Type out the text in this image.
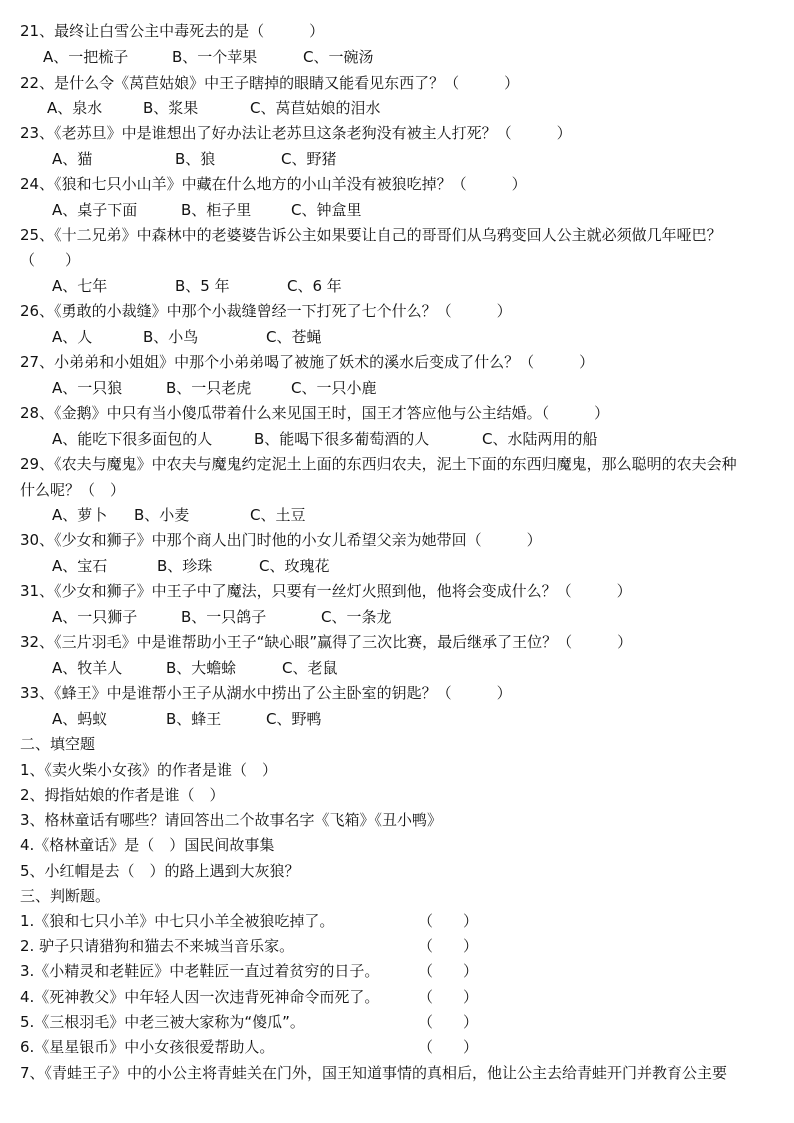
21、最终让白雪公主中毒死去的是（　　　）
A、一把梳子	B、一个苹果	C、一碗汤
22、是什么令《莴苣姑娘》中王子瞎掉的眼睛又能看见东西了？（　　　）
A、泉水	B、浆果	C、莴苣姑娘的泪水
23、《老苏旦》中是谁想出了好办法让老苏旦这条老狗没有被主人打死？（　　　）
A、猫	B、狼	C、野猪
24、《狼和七只小山羊》中藏在什么地方的小山羊没有被狼吃掉？（　　　）
A、桌子下面	B、柜子里	C、钟盒里
25、《十二兄弟》中森林中的老婆婆告诉公主如果要让自己的哥哥们从乌鸦变回人公主就必须做几年哑巴？
（　　）
A、七年	B、5 年	C、6 年
26、《勇敢的小裁缝》中那个小裁缝曾经一下打死了七个什么？（　　　）
A、人	B、小鸟	C、苍蝇
27、小弟弟和小姐姐》中那个小弟弟喝了被施了妖术的溪水后变成了什么？（　　　）
A、一只狼	B、一只老虎	C、一只小鹿
28、《金鹅》中只有当小傻瓜带着什么来见国王时，国王才答应他与公主结婚。（　　　）
A、能吃下很多面包的人	B、能喝下很多葡萄酒的人	C、水陆两用的船
29、《农夫与魔鬼》中农夫与魔鬼约定泥土上面的东西归农夫，泥土下面的东西归魔鬼，那么聪明的农夫会种
什么呢？（　）
A、萝卜 B、小麦	C、土豆
30、《少女和狮子》中那个商人出门时他的小女儿希望父亲为她带回（　　　）
A、宝石	B、珍珠	C、玫瑰花
31、《少女和狮子》中王子中了魔法，只要有一丝灯火照到他，他将会变成什么？（　　　）
A、一只狮子	B、一只鸽子	C、一条龙
32、《三片羽毛》中是谁帮助小王子“缺心眼”赢得了三次比赛，最后继承了王位？（　　　）
A、牧羊人	B、大蟾蜍	C、老鼠
33、《蜂王》中是谁帮小王子从湖水中捞出了公主卧室的钥匙？（　　　）
A、蚂蚁	B、蜂王	C、野鸭
二、填空题
1、《卖火柴小女孩》的作者是谁（　）
2、拇指姑娘的作者是谁（　）
3、格林童话有哪些？请回答出二个故事名字《飞箱》《丑小鸭》
4.《格林童话》是（　）国民间故事集
5、小红帽是去（　）的路上遇到大灰狼？
三、判断题。
1.《狼和七只小羊》中七只小羊全被狼吃掉了。	（　　）
2. 驴子只请猎狗和猫去不来城当音乐家。	（　　）
3.《小精灵和老鞋匠》中老鞋匠一直过着贫穷的日子。	（　　）
4.《死神教父》中年轻人因一次违背死神命令而死了。	（　　）
5.《三根羽毛》中老三被大家称为“傻瓜”。	（　　）
6.《星星银币》中小女孩很爱帮助人。	（　　）
7、《青蛙王子》中的小公主将青蛙关在门外，国王知道事情的真相后，他让公主去给青蛙开门并教育公主要
